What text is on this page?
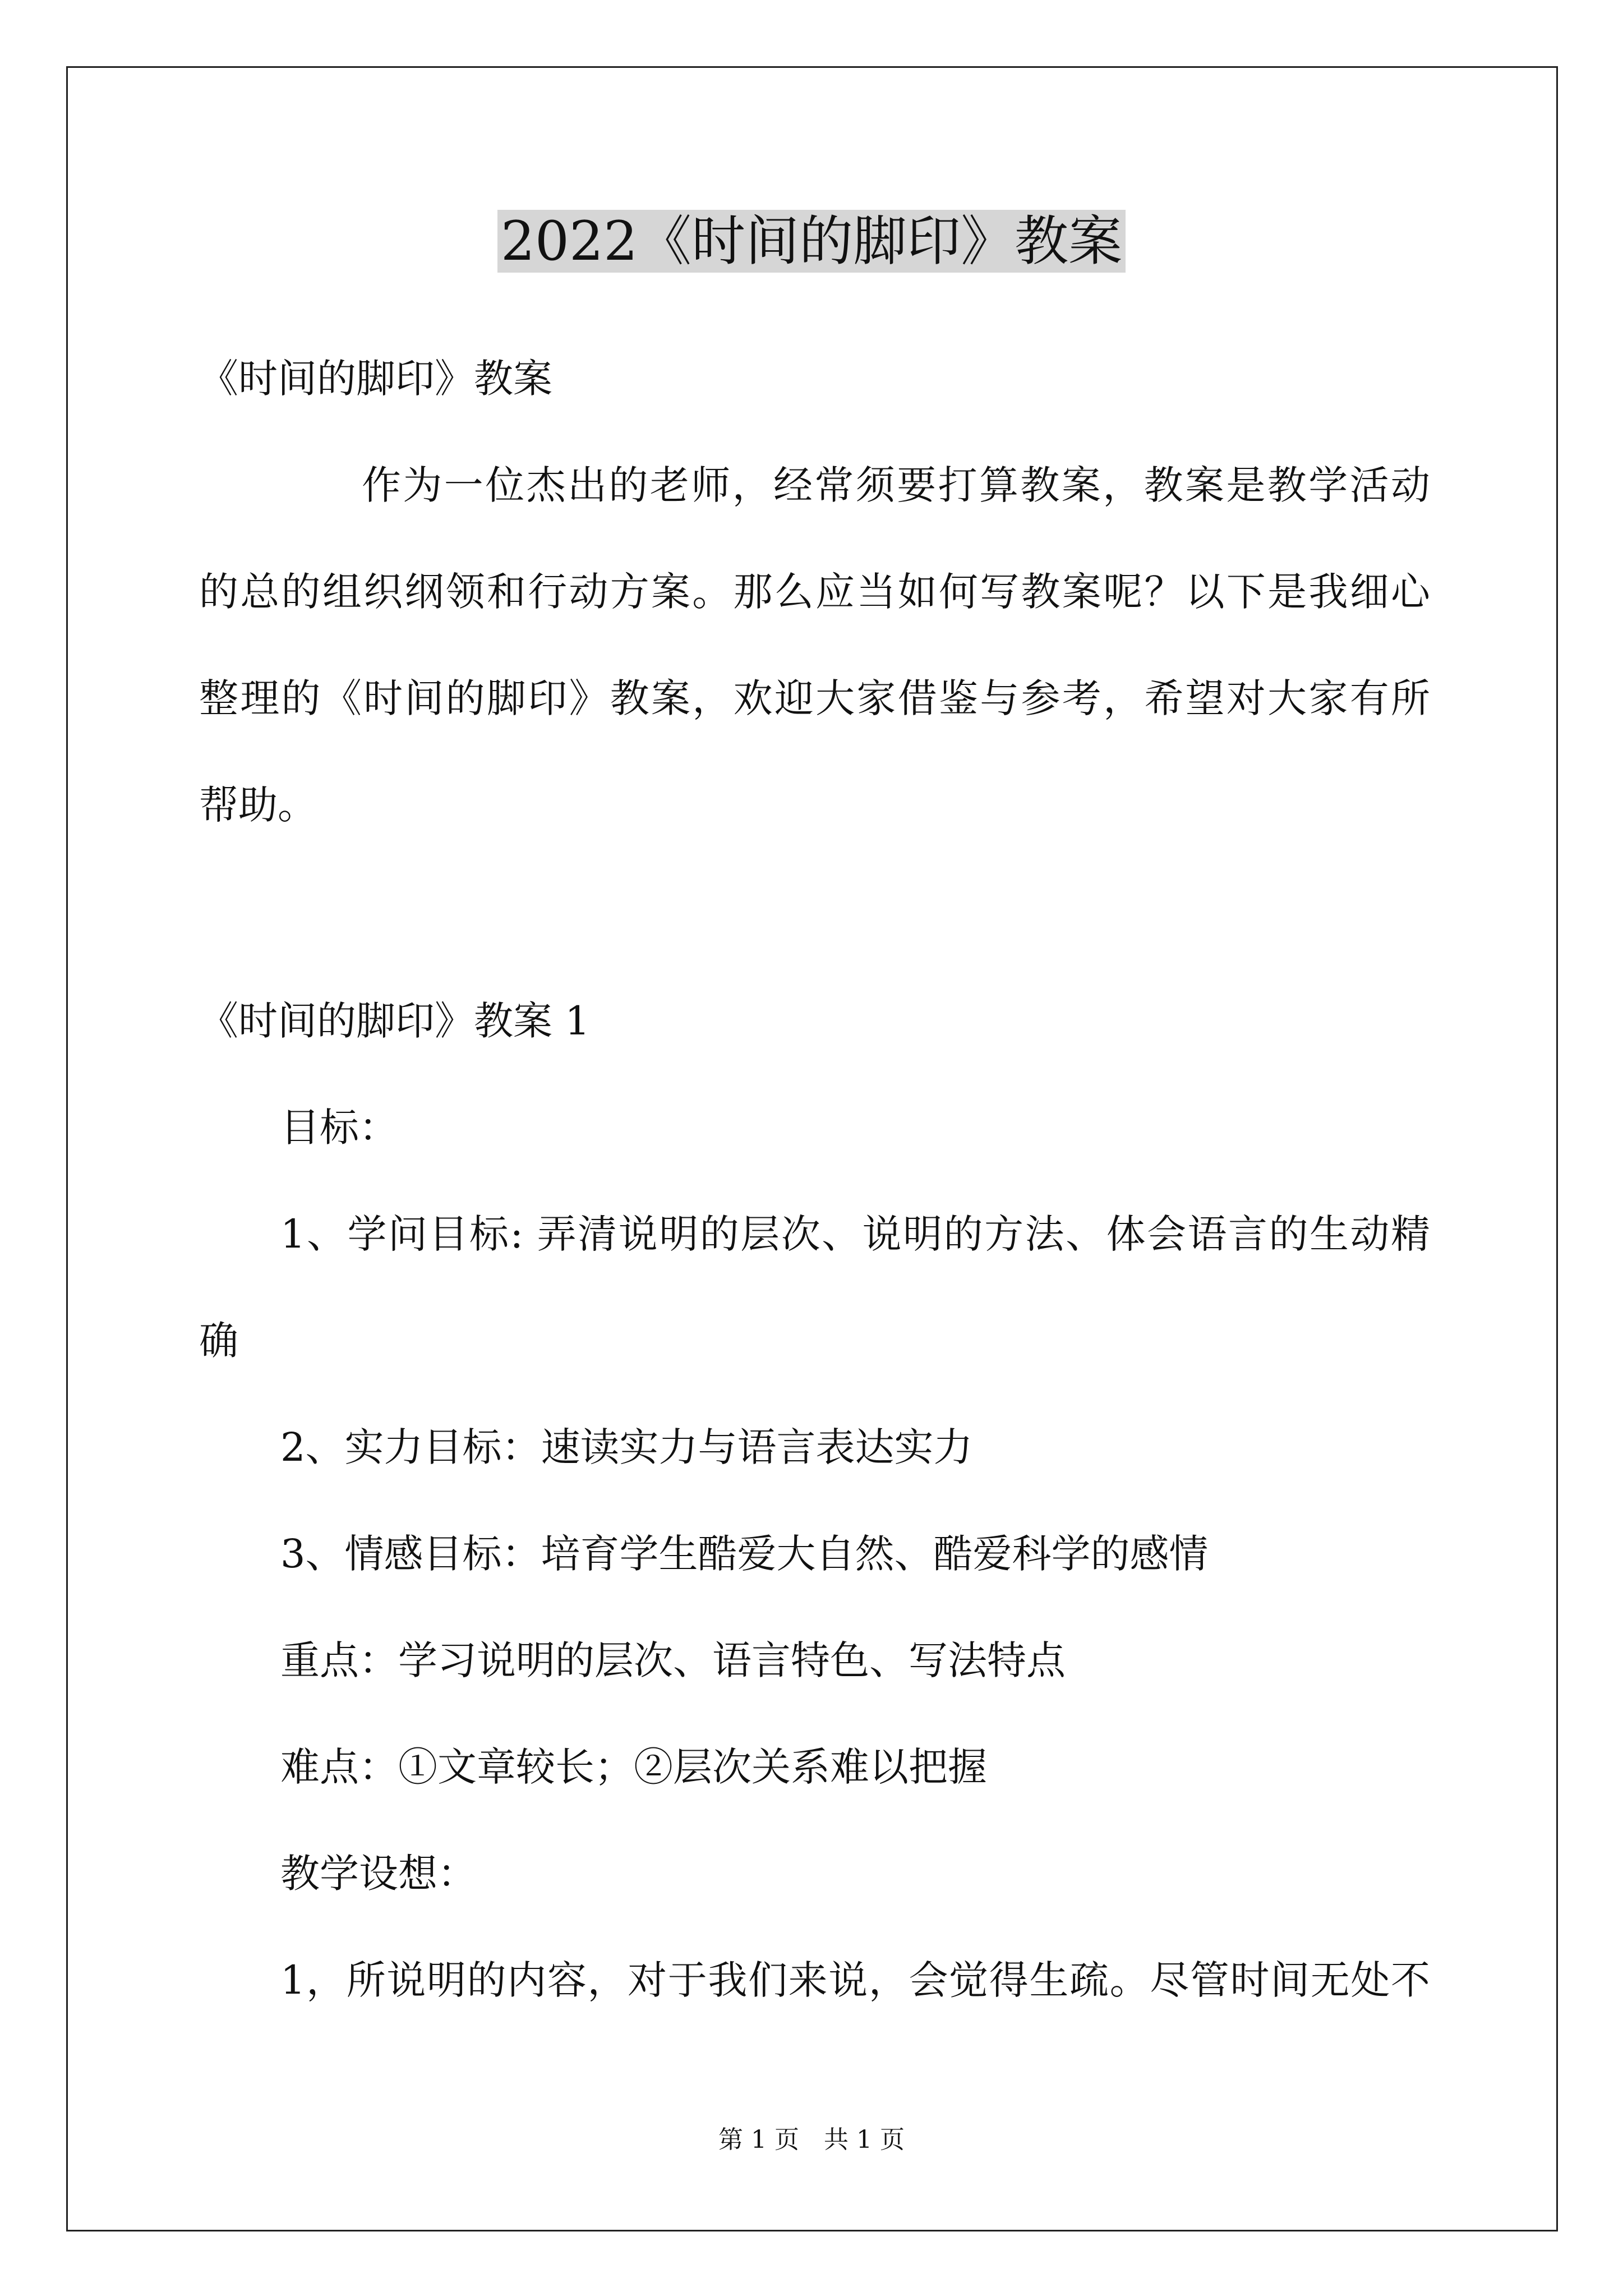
2022《时间的脚印》教案
《时间的脚印》教案
作为一位杰出的老师，经常须要打算教案，教案是教学活动
的总的组织纲领和行动方案。那么应当如何写教案呢？以下是我细心
整理的《时间的脚印》教案，欢迎大家借鉴与参考，希望对大家有所
帮助。
《时间的脚印》教案 1
目标：
1、学问目标: 弄清说明的层次、说明的方法、体会语言的生动精
确
2、实力目标：速读实力与语言表达实力
3、情感目标：培育学生酷爱大自然、酷爱科学的感情
重点：学习说明的层次、语言特色、写法特点
难点：①文章较长；②层次关系难以把握
教学设想：
1，所说明的内容，对于我们来说，会觉得生疏。尽管时间无处不
第 1 页　共 1 页
